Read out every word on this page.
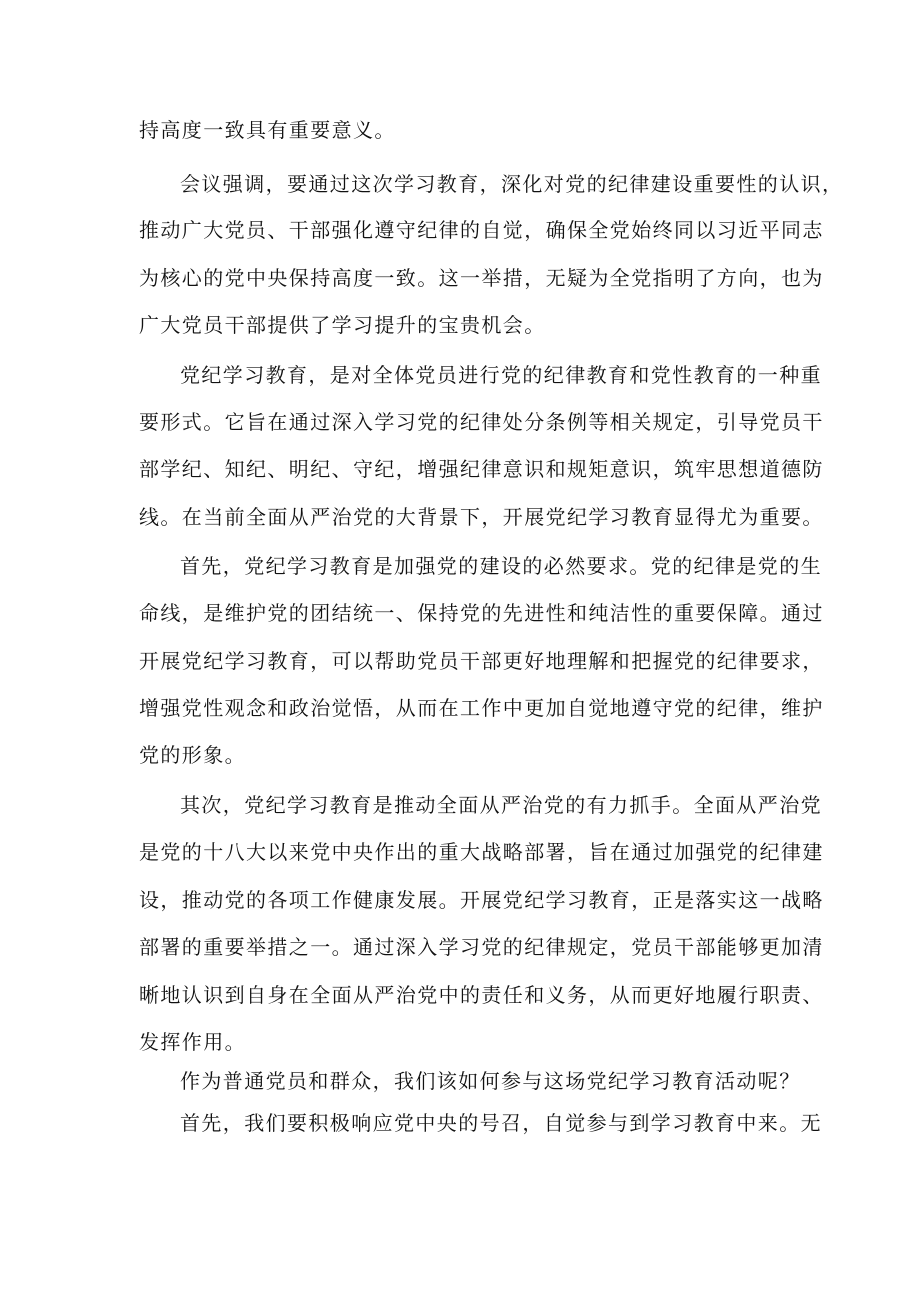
持高度一致具有重要意义。

会议强调，要通过这次学习教育，深化对党的纪律建设重要性的认识，

推动广大党员、干部强化遵守纪律的自觉，确保全党始终同以习近平同志

为核心的党中央保持高度一致。这一举措，无疑为全党指明了方向，也为

广大党员干部提供了学习提升的宝贵机会。

党纪学习教育，是对全体党员进行党的纪律教育和党性教育的一种重

要形式。它旨在通过深入学习党的纪律处分条例等相关规定，引导党员干

部学纪、知纪、明纪、守纪，增强纪律意识和规矩意识，筑牢思想道德防

线。在当前全面从严治党的大背景下，开展党纪学习教育显得尤为重要。

首先，党纪学习教育是加强党的建设的必然要求。党的纪律是党的生

命线，是维护党的团结统一、保持党的先进性和纯洁性的重要保障。通过

开展党纪学习教育，可以帮助党员干部更好地理解和把握党的纪律要求，

增强党性观念和政治觉悟，从而在工作中更加自觉地遵守党的纪律，维护

党的形象。

其次，党纪学习教育是推动全面从严治党的有力抓手。全面从严治党

是党的十八大以来党中央作出的重大战略部署，旨在通过加强党的纪律建

设，推动党的各项工作健康发展。开展党纪学习教育，正是落实这一战略

部署的重要举措之一。通过深入学习党的纪律规定，党员干部能够更加清

晰地认识到自身在全面从严治党中的责任和义务，从而更好地履行职责、

发挥作用。

作为普通党员和群众，我们该如何参与这场党纪学习教育活动呢？

首先，我们要积极响应党中央的号召，自觉参与到学习教育中来。无
